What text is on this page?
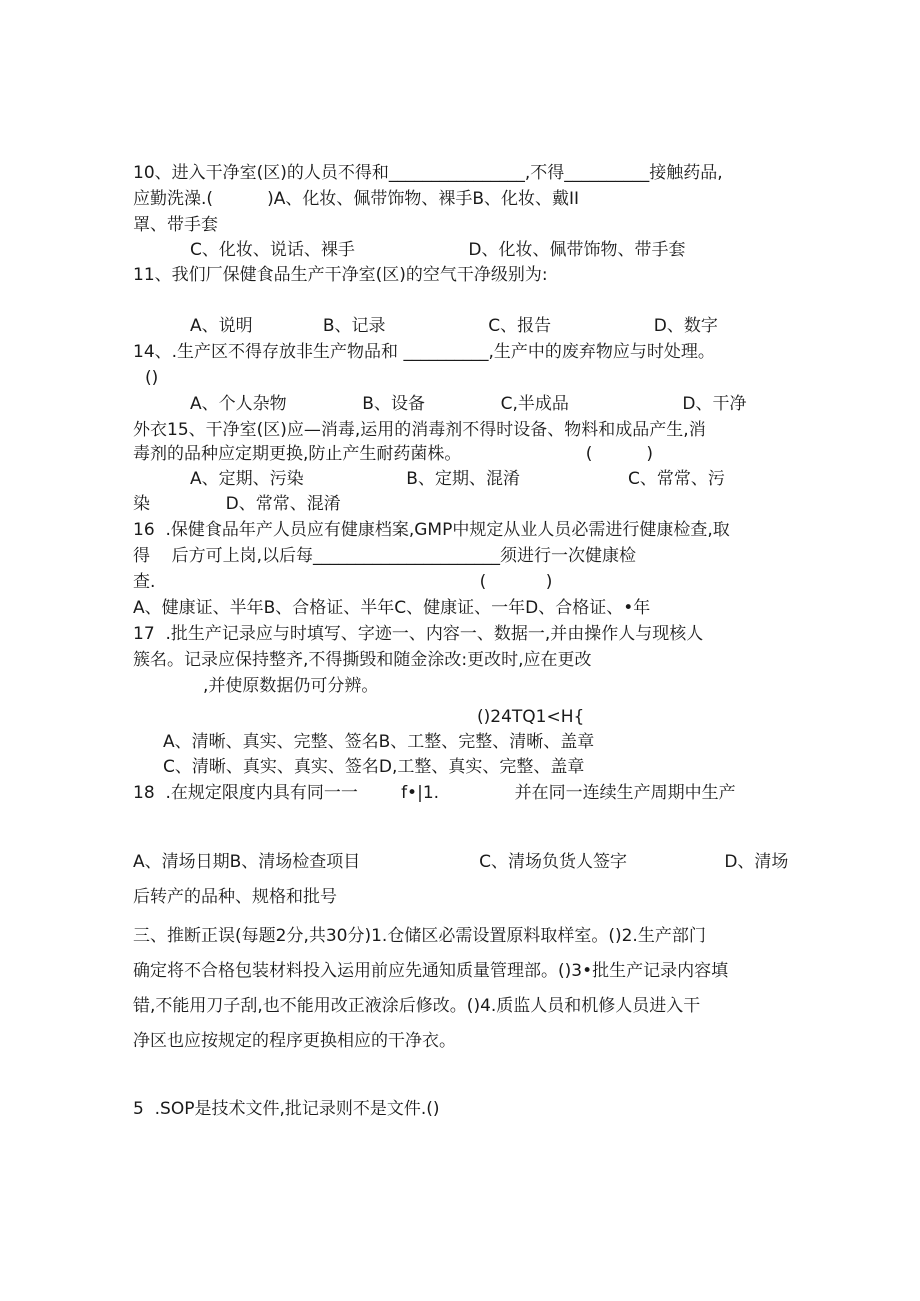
10、进入干净室(区)的人员不得和________________,不得__________接触药品,
应勤洗澡.(          )A、化妆、佩带饰物、裸手B、化妆、戴II
罩、带手套
C、化妆、说话、裸手                     D、化妆、佩带饰物、带手套
11、我们厂保健食品生产干净室(区)的空气干净级别为:
A、说明             B、记录                   C、报告                   D、数字
14、.生产区不得存放非生产物品和 __________,生产中的废弃物应与时处理。
()
A、个人杂物              B、设备              C,半成品                     D、干净
外衣15、干净室(区)应—消毒,运用的消毒剂不得时设备、物料和成品产生,消
毒剂的品种应定期更换,防止产生耐药菌株。                       (          )
A、定期、污染                   B、定期、混淆                    C、常常、污
染              D、常常、混淆
16  .保健食品年产人员应有健康档案,GMP中规定从业人员必需进行健康检查,取
得    后方可上岗,以后每______________________须进行一次健康检
查.                                                            (           )
A、健康证、半年B、合格证、半年C、健康证、一年D、合格证、•年
17  .批生产记录应与时填写、字迹一、内容一、数据一,并由操作人与现核人
簇名。记录应保持整齐,不得撕毁和随金涂改:更改时,应在更改
,并使原数据仍可分辨。
()24TQ1<H{
A、清晰、真实、完整、签名B、工整、完整、清晰、盖章
C、清晰、真实、真实、签名D,工整、真实、完整、盖章
18  .在规定限度内具有同一一        f•|1.              并在同一连续生产周期中生产
A、清场日期B、清场检查项目                      C、清场负货人签字                  D、清场
后转产的品种、规格和批号
三、推断正误(每题2分,共30分)1.仓储区必需设置原料取样室。()2.生产部门
确定将不合格包装材料投入运用前应先通知质量管理部。()3•批生产记录内容填
错,不能用刀子刮,也不能用改正液涂后修改。()4.质监人员和机修人员进入干
净区也应按规定的程序更换相应的干净衣。
5  .SOP是技术文件,批记录则不是文件.()
